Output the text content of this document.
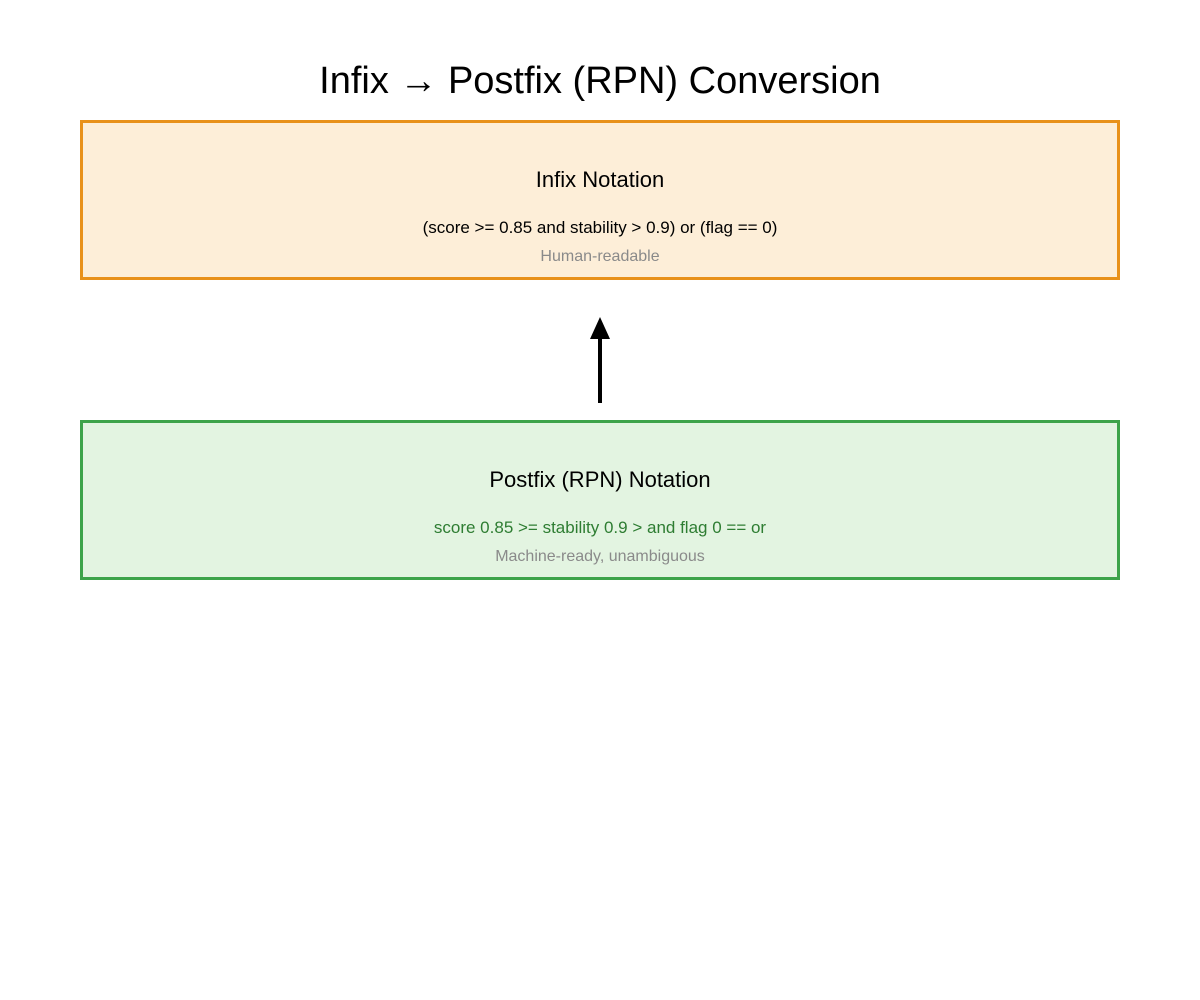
Infix → Postfix (RPN) Conversion
Infix Notation
(score >= 0.85 and stability > 0.9) or (flag == 0)
Human-readable
Postfix (RPN) Notation
score 0.85 >= stability 0.9 > and flag 0 == or
Machine-ready, unambiguous
